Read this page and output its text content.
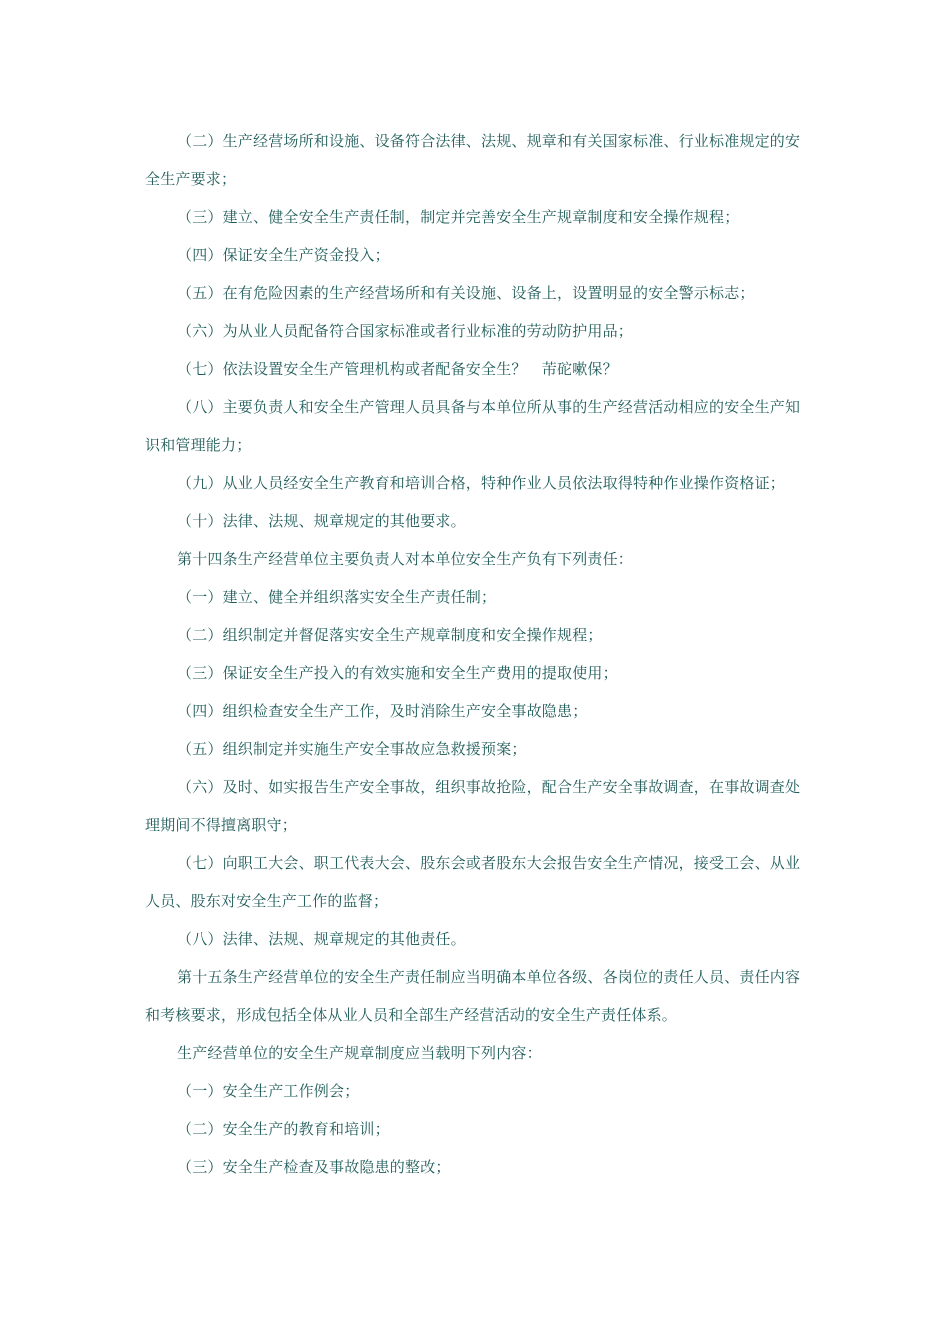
（二）生产经营场所和设施、设备符合法律、法规、规章和有关国家标准、行业标准规定的安全生产要求；

（三）建立、健全安全生产责任制，制定并完善安全生产规章制度和安全操作规程；

（四）保证安全生产资金投入；

（五）在有危险因素的生产经营场所和有关设施、设备上，设置明显的安全警示标志；

（六）为从业人员配备符合国家标准或者行业标准的劳动防护用品；

（七）依法设置安全生产管理机构或者配备安全生？　芾砣嗽保？

（八）主要负责人和安全生产管理人员具备与本单位所从事的生产经营活动相应的安全生产知识和管理能力；

（九）从业人员经安全生产教育和培训合格，特种作业人员依法取得特种作业操作资格证；

（十）法律、法规、规章规定的其他要求。

第十四条生产经营单位主要负责人对本单位安全生产负有下列责任：

（一）建立、健全并组织落实安全生产责任制；

（二）组织制定并督促落实安全生产规章制度和安全操作规程；

（三）保证安全生产投入的有效实施和安全生产费用的提取使用；

（四）组织检查安全生产工作，及时消除生产安全事故隐患；

（五）组织制定并实施生产安全事故应急救援预案；

（六）及时、如实报告生产安全事故，组织事故抢险，配合生产安全事故调查，在事故调查处理期间不得擅离职守；

（七）向职工大会、职工代表大会、股东会或者股东大会报告安全生产情况，接受工会、从业人员、股东对安全生产工作的监督；

（八）法律、法规、规章规定的其他责任。

第十五条生产经营单位的安全生产责任制应当明确本单位各级、各岗位的责任人员、责任内容和考核要求，形成包括全体从业人员和全部生产经营活动的安全生产责任体系。

生产经营单位的安全生产规章制度应当载明下列内容：

（一）安全生产工作例会；

（二）安全生产的教育和培训；

（三）安全生产检查及事故隐患的整改；
